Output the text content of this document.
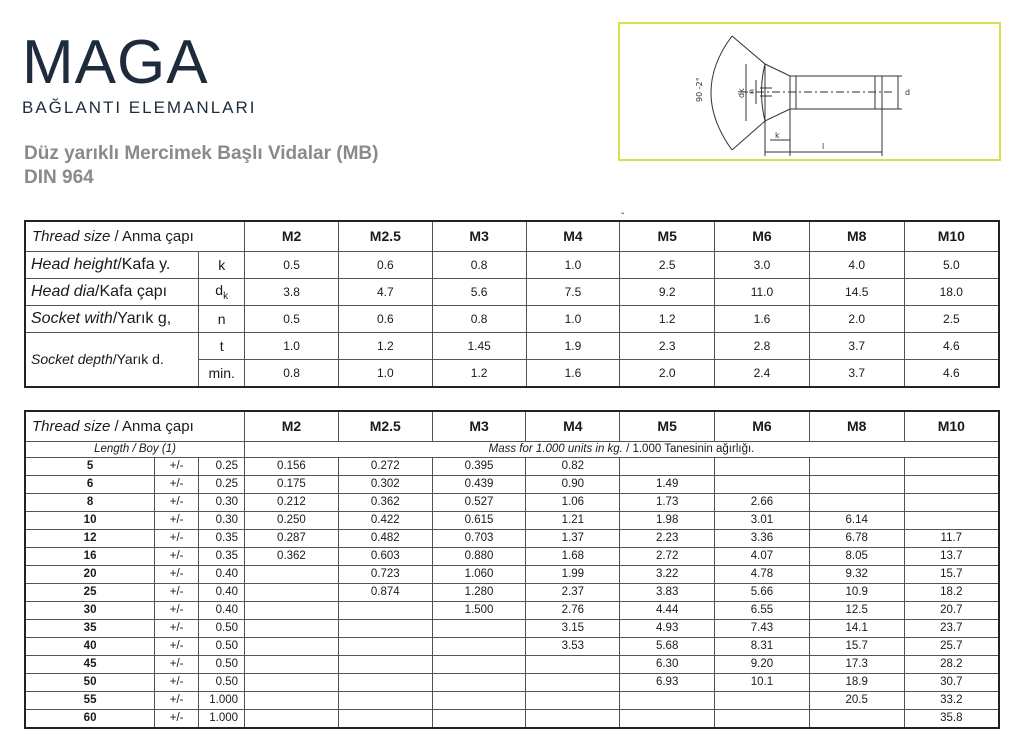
MAGA
BAĞLANTI ELEMANLARI
Düz yarıklı Mercimek Başlı Vidalar (MB)
DIN 964
90 -2°	dk n	d
k
l
ˇ
Thread size / Anma çapı		M2	M2.5	M3	M4	M5	M6	M8	M10
Head height/Kafa y.	k	0.5	0.6	0.8	1.0	2.5	3.0	4.0	5.0
Head dia/Kafa çapı	$d_k$	3.8	4.7	5.6	7.5	9.2	11.0	14.5	18.0
Socket with/Yarık g,	n	0.5	0.6	0.8	1.0	1.2	1.6	2.0	2.5
Socket depth/Yarık d.	t	1.0	1.2	1.45	1.9	2.3	2.8	3.7	4.6
	min.	0.8	1.0	1.2	1.6	2.0	2.4	3.7	4.6
Thread size / Anma çapı			M2	M2.5	M3	M4	M5	M6	M8	M10
Length / Boy (1)			Mass for 1.000 units in kg. / 1.000 Tanesinin ağırlığı.							
5	+/-	0.25	0.156	0.272	0.395	0.82				
6	+/-	0.25	0.175	0.302	0.439	0.90	1.49			
8	+/-	0.30	0.212	0.362	0.527	1.06	1.73	2.66		
10	+/-	0.30	0.250	0.422	0.615	1.21	1.98	3.01	6.14	
12	+/-	0.35	0.287	0.482	0.703	1.37	2.23	3.36	6.78	11.7
16	+/-	0.35	0.362	0.603	0.880	1.68	2.72	4.07	8.05	13.7
20	+/-	0.40		0.723	1.060	1.99	3.22	4.78	9.32	15.7
25	+/-	0.40		0.874	1.280	2.37	3.83	5.66	10.9	18.2
30	+/-	0.40			1.500	2.76	4.44	6.55	12.5	20.7
35	+/-	0.50				3.15	4.93	7.43	14.1	23.7
40	+/-	0.50				3.53	5.68	8.31	15.7	25.7
45	+/-	0.50					6.30	9.20	17.3	28.2
50	+/-	0.50					6.93	10.1	18.9	30.7
55	+/-	1.000							20.5	33.2
60	+/-	1.000								35.8
